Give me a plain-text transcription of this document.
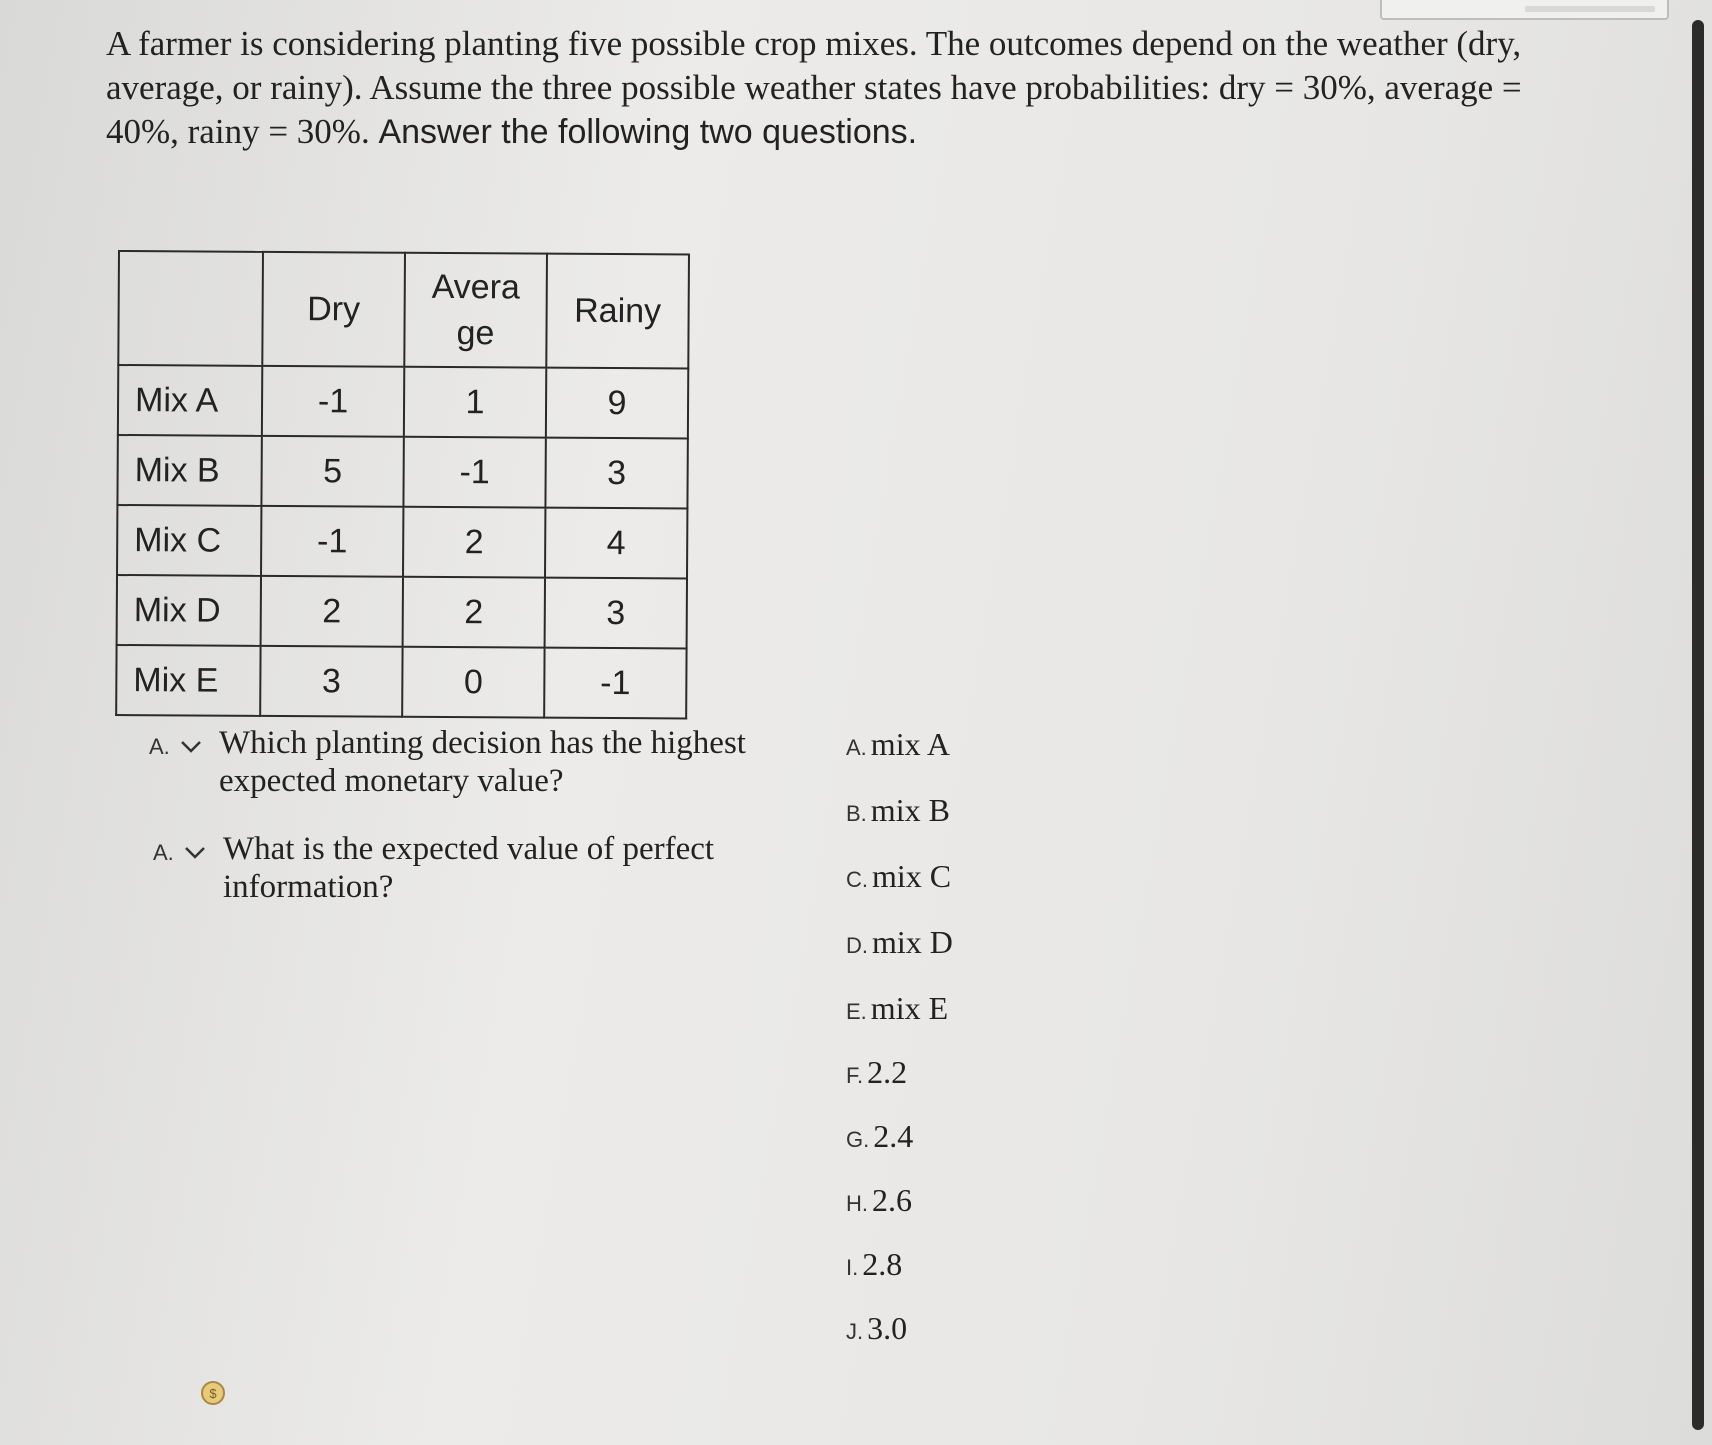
A farmer is considering planting five possible crop mixes. The outcomes depend on the weather (dry, average, or rainy). Assume the three possible weather states have probabilities: dry = 30%, average = 40%, rainy = 30%. Answer the following two questions.
	Dry	Avera ge	Rainy
Mix A	-1	1	9
Mix B	5	-1	3
Mix C	-1	2	4
Mix D	2	2	3
Mix E	3	0	-1
A. Which planting decision has the highest expected monetary value?
A. What is the expected value of perfect information?
A. mix A
B. mix B
C. mix C
D. mix D
E. mix E
F. 2.2
G. 2.4
H. 2.6
I. 2.8
J. 3.0
$
